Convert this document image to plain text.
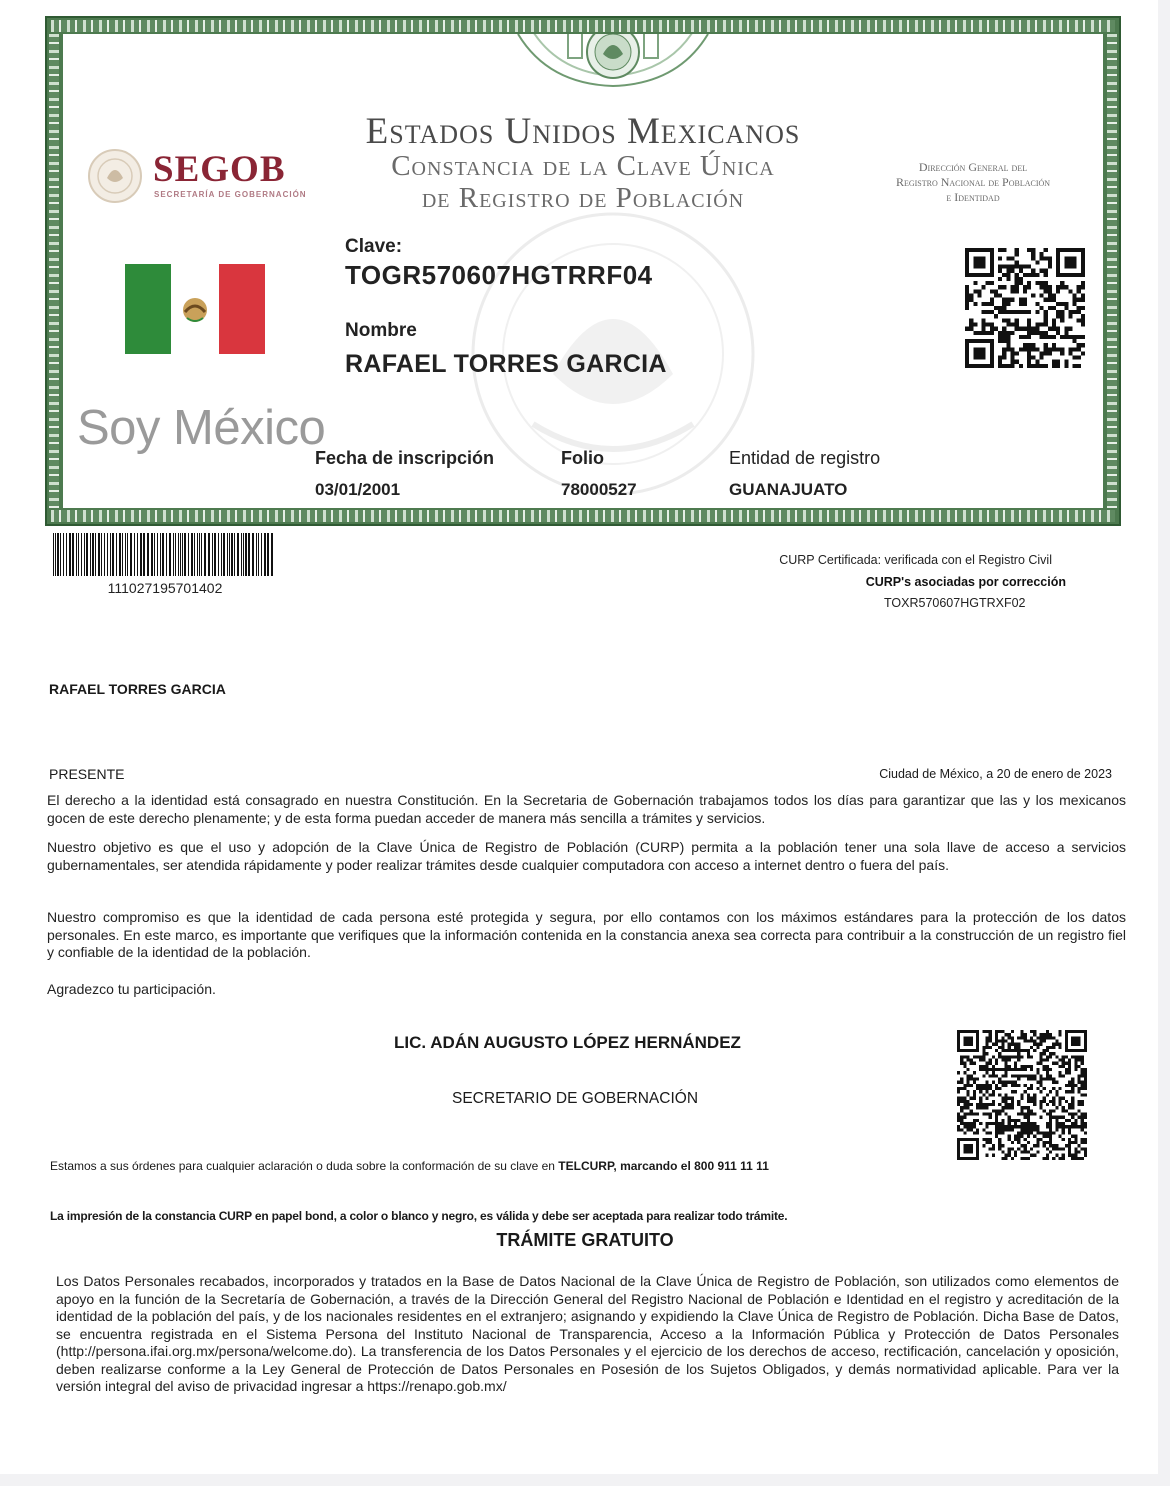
Estados Unidos Mexicanos
Constancia de la Clave Única
de Registro de Población
SEGOB
SECRETARÍA DE GOBERNACIÓN
Dirección General del
Registro Nacional de Población
e Identidad
Soy México
Clave:
TOGR570607HGTRRF04
Nombre
RAFAEL TORRES GARCIA
Fecha de inscripción
03/01/2001
Folio
78000527
Entidad de registro
GUANAJUATO
111027195701402
CURP Certificada: verificada con el Registro Civil
CURP's asociadas por corrección
TOXR570607HGTRXF02
RAFAEL TORRES GARCIA
PRESENTE	Ciudad de México, a 20 de enero de 2023
El derecho a la identidad está consagrado en nuestra Constitución. En la Secretaria de Gobernación trabajamos todos los días para garantizar que las y los mexicanos gocen de este derecho plenamente; y de esta forma puedan acceder de manera más sencilla a trámites y servicios.
Nuestro objetivo es que el uso y adopción de la Clave Única de Registro de Población (CURP) permita a la población tener una sola llave de acceso a servicios gubernamentales, ser atendida rápidamente y poder realizar trámites desde cualquier computadora con acceso a internet dentro o fuera del país.
Nuestro compromiso es que la identidad de cada persona esté protegida y segura, por ello contamos con los máximos estándares para la protección de los datos personales. En este marco, es importante que verifiques que la información contenida en la constancia anexa sea correcta para contribuir a la construcción de un registro fiel y confiable de la identidad de la población.
Agradezco tu participación.
LIC. ADÁN AUGUSTO LÓPEZ HERNÁNDEZ
SECRETARIO DE GOBERNACIÓN
Estamos a sus órdenes para cualquier aclaración o duda sobre la conformación de su clave en TELCURP, marcando el 800 911 11 11
La impresión de la constancia CURP en papel bond, a color o blanco y negro, es válida y debe ser aceptada para realizar todo trámite.
TRÁMITE GRATUITO
Los Datos Personales recabados, incorporados y tratados en la Base de Datos Nacional de la Clave Única de Registro de Población, son utilizados como elementos de apoyo en la función de la Secretaría de Gobernación, a través de la Dirección General del Registro Nacional de Población e Identidad en el registro y acreditación de la identidad de la población del país, y de los nacionales residentes en el extranjero; asignando y expidiendo la Clave Única de Registro de Población. Dicha Base de Datos, se encuentra registrada en el Sistema Persona del Instituto Nacional de Transparencia, Acceso a la Información Pública y Protección de Datos Personales (http://persona.ifai.org.mx/persona/welcome.do). La transferencia de los Datos Personales y el ejercicio de los derechos de acceso, rectificación, cancelación y oposición, deben realizarse conforme a la Ley General de Protección de Datos Personales en Posesión de los Sujetos Obligados, y demás normatividad aplicable. Para ver la versión integral del aviso de privacidad ingresar a https://renapo.gob.mx/
